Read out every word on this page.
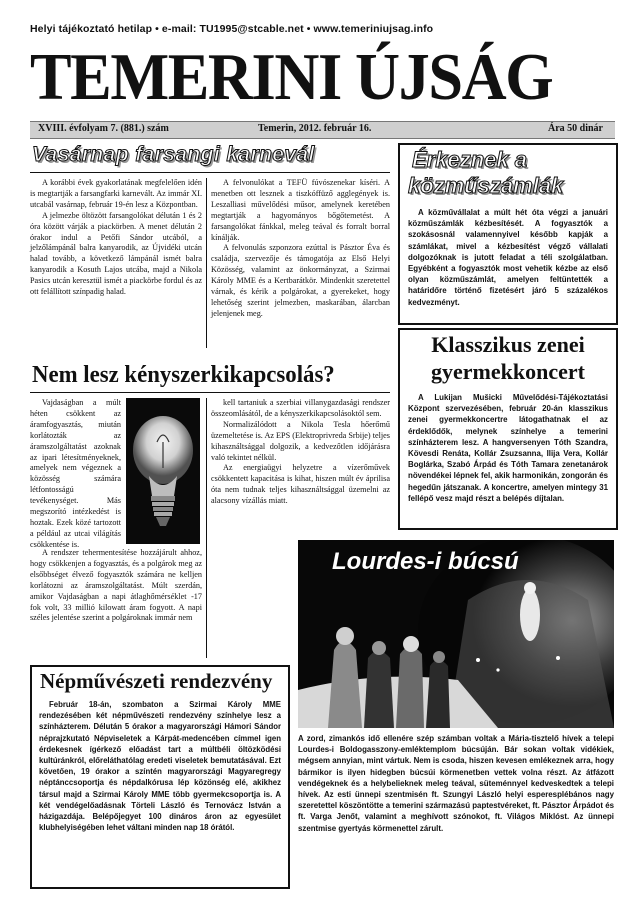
Helyi tájékoztató hetilap • e-mail: TU1995@stcable.net • www.temeriniujsag.info
TEMERINI ÚJSÁG
XVIII. évfolyam 7. (881.) szám	Temerin, 2012. február 16.	Ára 50 dinár
Vasárnap farsangi karnevál

A korábbi évek gyakorlatának megfelelően idén is megtartják a farsangfarki karnevált. Az immár XI. utcabál vasárnap, február 19-én lesz a Központban.

A jelmezbe öltözött farsangolókat délután 1 és 2 óra között várják a piackörben. A menet délután 2 órakor indul a Petőfi Sándor utcából, a jelzőlámpánál balra kanyarodik, az Újvidéki utcán halad tovább, a következő lámpánál ismét balra kanyarodik a Kosuth Lajos utcába, majd a Nikola Pasics utcán keresztül ismét a piackörbe fordul és az ott felállított színpadig halad.

A felvonulókat a TEFÜ fúvószenekar kíséri. A menetben ott lesznek a tiszkóffüző agglegények is. Leszalliasi művelődési műsor, amelynek keretében megtartják a hagyományos bőgőtemetést. A farsangolókat fánkkal, meleg teával és forralt borral kínálják.

A felvonulás szponzora ezúttal is Pásztor Éva és családja, szervezője és támogatója az Első Helyi Közösség, valamint az önkormányzat, a Szirmai Károly MME és a Kertbarátkör. Mindenkit szeretettel várnak, és kérik a polgárokat, a gyerekeket, hogy lehetőség szerint jelmezben, maskarában, álarcban jelenjenek meg.

Érkeznek a
közműszámlák

A közművállalat a múlt hét óta végzi a januári közműszámlák kézbesítését. A fogyasztók a szokásosnál valamennyivel később kapják a számlákat, mivel a kézbesítést végző vállalati dolgozóknak is jutott feladat a téli szolgálatban. Egyébként a fogyasztók most vehetik kézbe az első olyan közműszámlát, amelyen feltüntették a határidőre történő fizetésért járó 5 százalékos kedvezményt.

Nem lesz kényszerkikapcsolás?

Vajdaságban a múlt héten csökkent az áramfogyasztás, miután korlátozták az áramszolgáltatást azoknak az ipari létesítményeknek, amelyek nem végeznek a közösség számára létfontosságú tevékenységet. Más megszorító intézkedést is hoztak. Ezek közé tartozott a például az utcai világítás csökkentése is.

A rendszer tehermentesítése hozzájárult ahhoz, hogy csökkenjen a fogyasztás, és a polgárok meg az elsőbbséget élvező fogyasztók számára ne kelljen korlátozni az áramszolgáltatást. Múlt szerdán, amikor Vajdaságban a napi átlaghőmérséklet -17 fok volt, 33 millió kilowatt áram fogyott. A napi széles jelentése szerint a polgároknak immár nem

kell tartaniuk a szerbiai villanygazdasági rendszer összeomlásától, de a kényszerkikapcsolásoktól sem.

Normalizálódott a Nikola Tesla hőerőmű üzemeltetése is. Az EPS (Elektroprivreda Srbije) teljes kihasználtsággal dolgozik, a kedvezőtlen időjárásra való tekintet nélkül.

Az energiaügyi helyzetre a vízerőművek csökkentett kapacitása is kihat, hiszen múlt év áprilisa óta nem tudnak teljes kihasználtsággal üzemelni az alacsony vízállás miatt.

Népművészeti rendezvény

Február 18-án, szombaton a Szirmai Károly MME rendezésében két népművészeti rendezvény színhelye lesz a színházterem. Délután 5 órakor a magyarországi Hámori Sándor néprajzkutató Népviseletek a Kárpát-medencében címmel igen érdekesnek ígérkező előadást tart a múltbéli öltözködési kultúránkról, előreláthatólag eredeti viseletek bemutatásával. Ezt követően, 19 órakor a színtén magyarországi Magyaregregy néptánccsoportja és népdalkórusa lép közönség elé, akikhez társul majd a Szirmai Károly MME több gyermekcsoportja is. A két vendégelőadásnak Törteli László és Ternovácz István a házigazdája. Belépőjegyet 100 dináros áron az egyesület klubhelyiségében lehet váltani minden nap 18 órától.

Klasszikus zenei
gyermekkoncert

A Lukijan Mušicki Művelődési-Tájékoztatási Központ szervezésében, február 20-án klasszikus zenei gyermekkoncertre látogathatnak el az érdeklődők, melynek színhelye a temerini színházterem lesz. A hangversenyen Tóth Szandra, Kövesdi Renáta, Kollár Zsuzsanna, Ilija Vera, Kollár Boglárka, Szabó Árpád és Tóth Tamara zenetanárok növendékei lépnek fel, akik harmonikán, zongorán és hegedűn játszanak. A koncertre, amelyen mintegy 31 fellépő vesz majd részt a belépés díjtalan.

Lourdes-i búcsú

A zord, zimankós idő ellenére szép számban voltak a Mária-tisztelő hívek a telepi Lourdes-i Boldogasszony-emléktemplom búcsúján. Bár sokan voltak vidékiek, mégsem annyian, mint vártuk. Nem is csoda, hiszen kevesen emlékeznek arra, hogy bármikor is ilyen hidegben búcsúi körmenetben vettek volna részt. Az átfázott vendégeknek és a helybelieknek meleg teával, süteménnyel kedveskedtek a telepi hívek. Az esti ünnepi szentmisén ft. Szungyi László helyi esperesplébános nagy szeretettel köszöntötte a temerini származású paptestvéreket, ft. Pásztor Árpádot és ft. Varga Jenőt, valamint a meghívott szónokot, ft. Világos Miklóst. Az ünnepi szentmise gyertyás körmenettel zárult.
